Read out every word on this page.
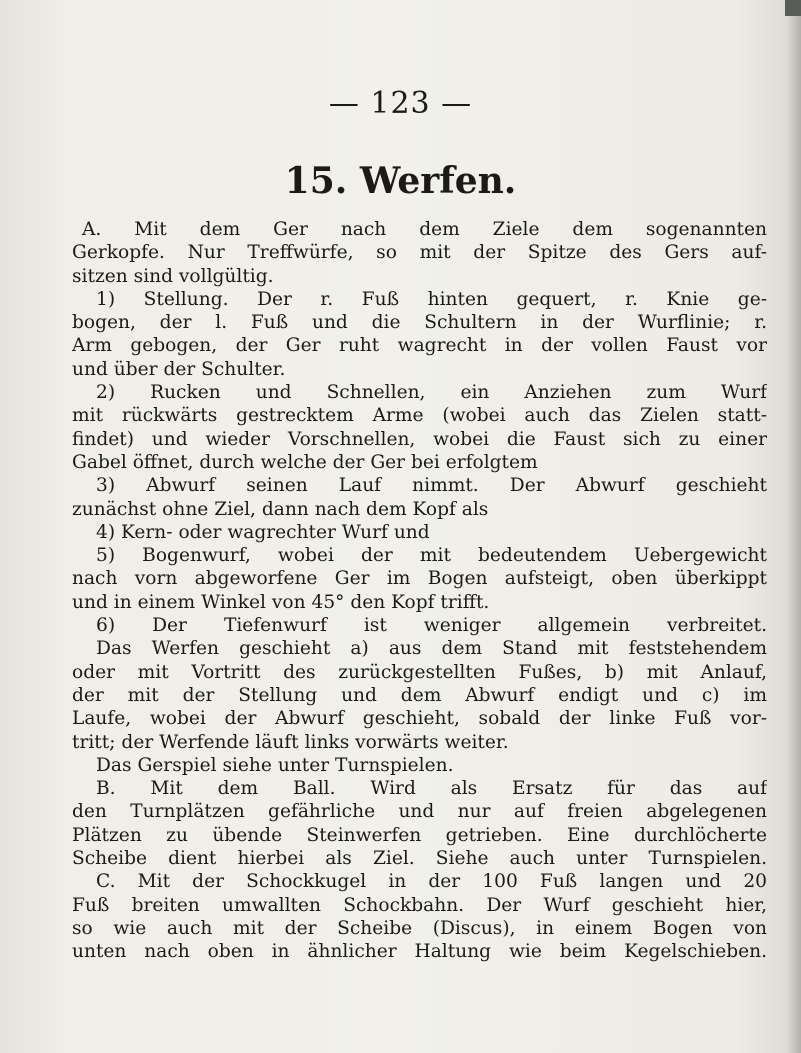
— 123 —
15. Werfen.
A. Mit dem Ger nach dem Ziele dem sogenannten
Gerkopfe. Nur Treffwürfe, so mit der Spitze des Gers auf-
sitzen sind vollgültig.
1) Stellung. Der r. Fuß hinten gequert, r. Knie ge-
bogen, der l. Fuß und die Schultern in der Wurflinie; r.
Arm gebogen, der Ger ruht wagrecht in der vollen Faust vor
und über der Schulter.
2) Rucken und Schnellen, ein Anziehen zum Wurf
mit rückwärts gestrecktem Arme (wobei auch das Zielen statt-
findet) und wieder Vorschnellen, wobei die Faust sich zu einer
Gabel öffnet, durch welche der Ger bei erfolgtem
3) Abwurf seinen Lauf nimmt. Der Abwurf geschieht
zunächst ohne Ziel, dann nach dem Kopf als
4) Kern- oder wagrechter Wurf und
5) Bogenwurf, wobei der mit bedeutendem Uebergewicht
nach vorn abgeworfene Ger im Bogen aufsteigt, oben überkippt
und in einem Winkel von 45° den Kopf trifft.
6) Der Tiefenwurf ist weniger allgemein verbreitet.
Das Werfen geschieht a) aus dem Stand mit feststehendem
oder mit Vortritt des zurückgestellten Fußes, b) mit Anlauf,
der mit der Stellung und dem Abwurf endigt und c) im
Laufe, wobei der Abwurf geschieht, sobald der linke Fuß vor-
tritt; der Werfende läuft links vorwärts weiter.
Das Gerspiel siehe unter Turnspielen.
B. Mit dem Ball. Wird als Ersatz für das auf
den Turnplätzen gefährliche und nur auf freien abgelegenen
Plätzen zu übende Steinwerfen getrieben. Eine durchlöcherte
Scheibe dient hierbei als Ziel. Siehe auch unter Turnspielen.
C. Mit der Schockkugel in der 100 Fuß langen und 20
Fuß breiten umwallten Schockbahn. Der Wurf geschieht hier,
so wie auch mit der Scheibe (Discus), in einem Bogen von
unten nach oben in ähnlicher Haltung wie beim Kegelschieben.
